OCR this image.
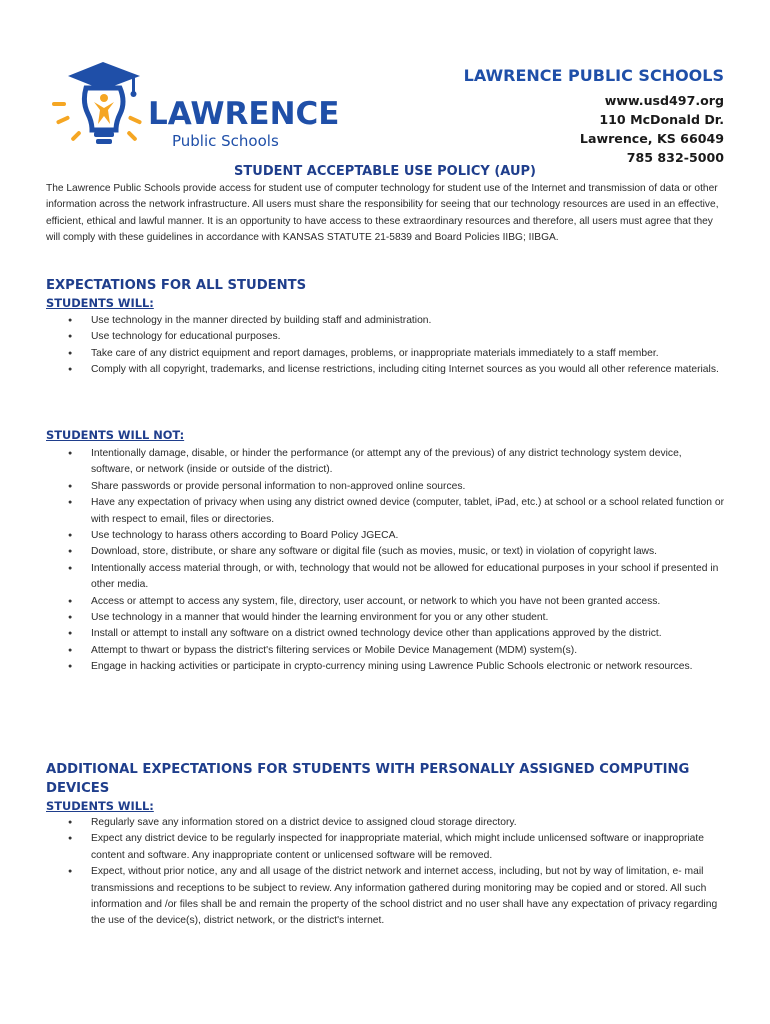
LAWRENCE
Public Schools
LAWRENCE PUBLIC SCHOOLS
www.usd497.org
110 McDonald Dr.
Lawrence, KS 66049
785 832-5000
STUDENT ACCEPTABLE USE POLICY (AUP)
The Lawrence Public Schools provide access for student use of computer technology for student use of the Internet and transmission of data or other information across the network infrastructure. All users must share the responsibility for seeing that our technology resources are used in an effective, efficient, ethical and lawful manner. It is an opportunity to have access to these extraordinary resources and therefore, all users must agree that they will comply with these guidelines in accordance with KANSAS STATUTE 21-5839 and Board Policies IIBG; IIBGA.
EXPECTATIONS FOR ALL STUDENTS
STUDENTS WILL:
● Use technology in the manner directed by building staff and administration.
● Use technology for educational purposes.
● Take care of any district equipment and report damages, problems, or inappropriate materials immediately to a staff member.
● Comply with all copyright, trademarks, and license restrictions, including citing Internet sources as you would all other reference materials.
STUDENTS WILL NOT:
● Intentionally damage, disable, or hinder the performance (or attempt any of the previous) of any district technology system device, software, or network (inside or outside of the district).
● Share passwords or provide personal information to non-approved online sources.
● Have any expectation of privacy when using any district owned device (computer, tablet, iPad, etc.) at school or a school related function or with respect to email, files or directories.
● Use technology to harass others according to Board Policy JGECA.
● Download, store, distribute, or share any software or digital file (such as movies, music, or text) in violation of copyright laws.
● Intentionally access material through, or with, technology that would not be allowed for educational purposes in your school if presented in other media.
● Access or attempt to access any system, file, directory, user account, or network to which you have not been granted access.
● Use technology in a manner that would hinder the learning environment for you or any other student.
● Install or attempt to install any software on a district owned technology device other than applications approved by the district.
● Attempt to thwart or bypass the district's filtering services or Mobile Device Management (MDM) system(s).
● Engage in hacking activities or participate in crypto-currency mining using Lawrence Public Schools electronic or network resources.
ADDITIONAL EXPECTATIONS FOR STUDENTS WITH PERSONALLY ASSIGNED COMPUTING DEVICES
STUDENTS WILL:
● Regularly save any information stored on a district device to assigned cloud storage directory.
● Expect any district device to be regularly inspected for inappropriate material, which might include unlicensed software or inappropriate content and software. Any inappropriate content or unlicensed software will be removed.
● Expect, without prior notice, any and all usage of the district network and internet access, including, but not by way of limitation, e- mail transmissions and receptions to be subject to review. Any information gathered during monitoring may be copied and or stored. All such information and /or files shall be and remain the property of the school district and no user shall have any expectation of privacy regarding the use of the device(s), district network, or the district's internet.
